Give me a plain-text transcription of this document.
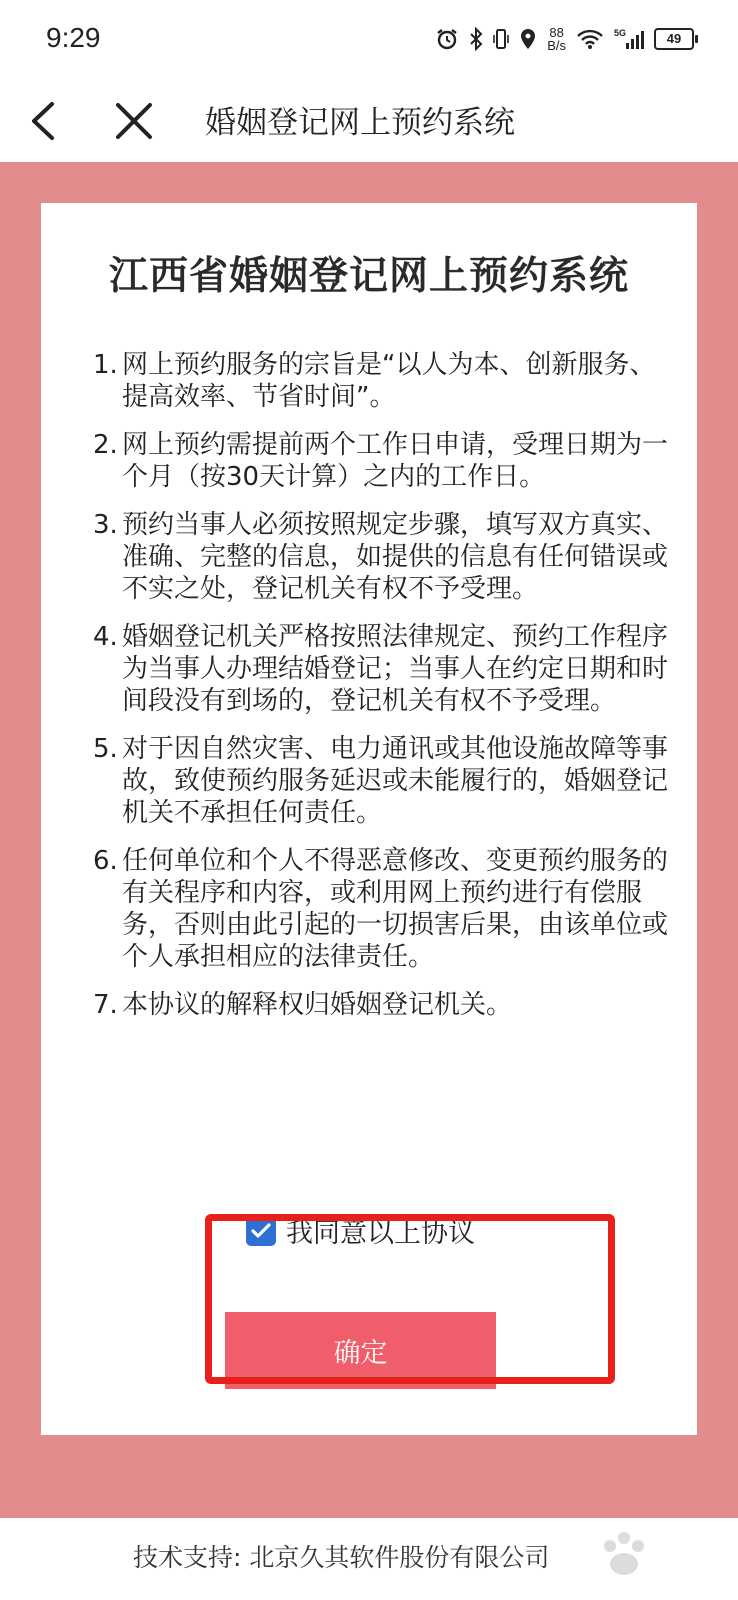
9:29	88
B/s
5G	49
婚姻登记网上预约系统
江西省婚姻登记网上预约系统
1. 网上预约服务的宗旨是“以人为本、创新服务、提高效率、节省时间”。
2. 网上预约需提前两个工作日申请，受理日期为一个月（按30天计算）之内的工作日。
3. 预约当事人必须按照规定步骤，填写双方真实、准确、完整的信息，如提供的信息有任何错误或不实之处，登记机关有权不予受理。
4. 婚姻登记机关严格按照法律规定、预约工作程序为当事人办理结婚登记；当事人在约定日期和时间段没有到场的，登记机关有权不予受理。
5. 对于因自然灾害、电力通讯或其他设施故障等事故，致使预约服务延迟或未能履行的，婚姻登记机关不承担任何责任。
6. 任何单位和个人不得恶意修改、变更预约服务的有关程序和内容，或利用网上预约进行有偿服务，否则由此引起的一切损害后果，由该单位或个人承担相应的法律责任。
7. 本协议的解释权归婚姻登记机关。
我同意以上协议
确定
技术支持: 北京久其软件股份有限公司
